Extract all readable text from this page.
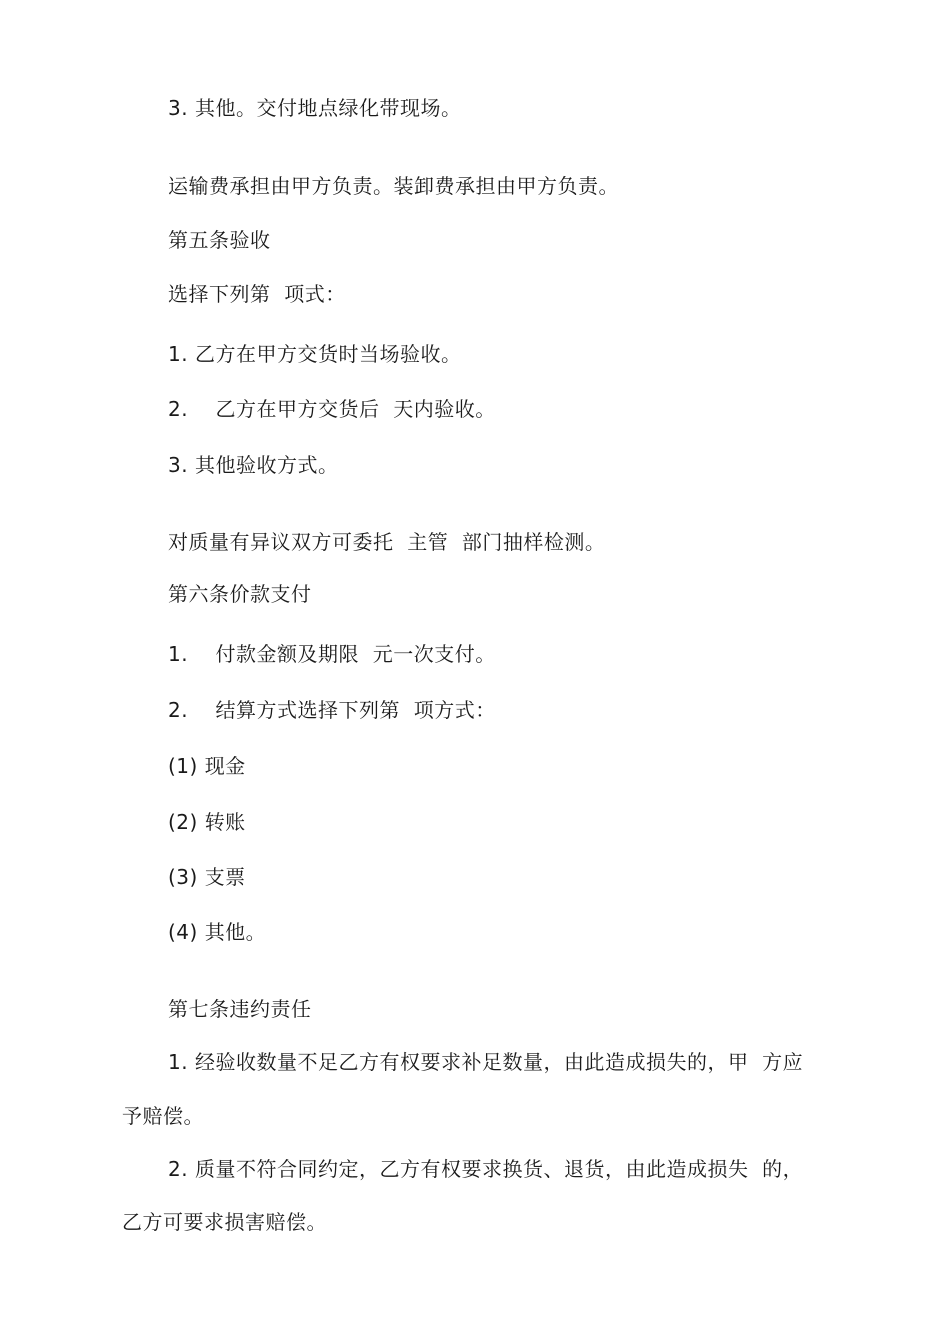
3. 其他。交付地点绿化带现场。
运输费承担由甲方负责。装卸费承担由甲方负责。
第五条验收
选择下列第  项式：
1. 乙方在甲方交货时当场验收。
2.    乙方在甲方交货后  天内验收。
3. 其他验收方式。
对质量有异议双方可委托  主管  部门抽样检测。
第六条价款支付
1.    付款金额及期限  元一次支付。
2.    结算方式选择下列第  项方式：
(1) 现金
(2) 转账
(3) 支票
(4) 其他。
第七条违约责任
1. 经验收数量不足乙方有权要求补足数量，由此造成损失的，甲  方应
予赔偿。
2. 质量不符合同约定，乙方有权要求换货、退货，由此造成损失  的，
乙方可要求损害赔偿。
